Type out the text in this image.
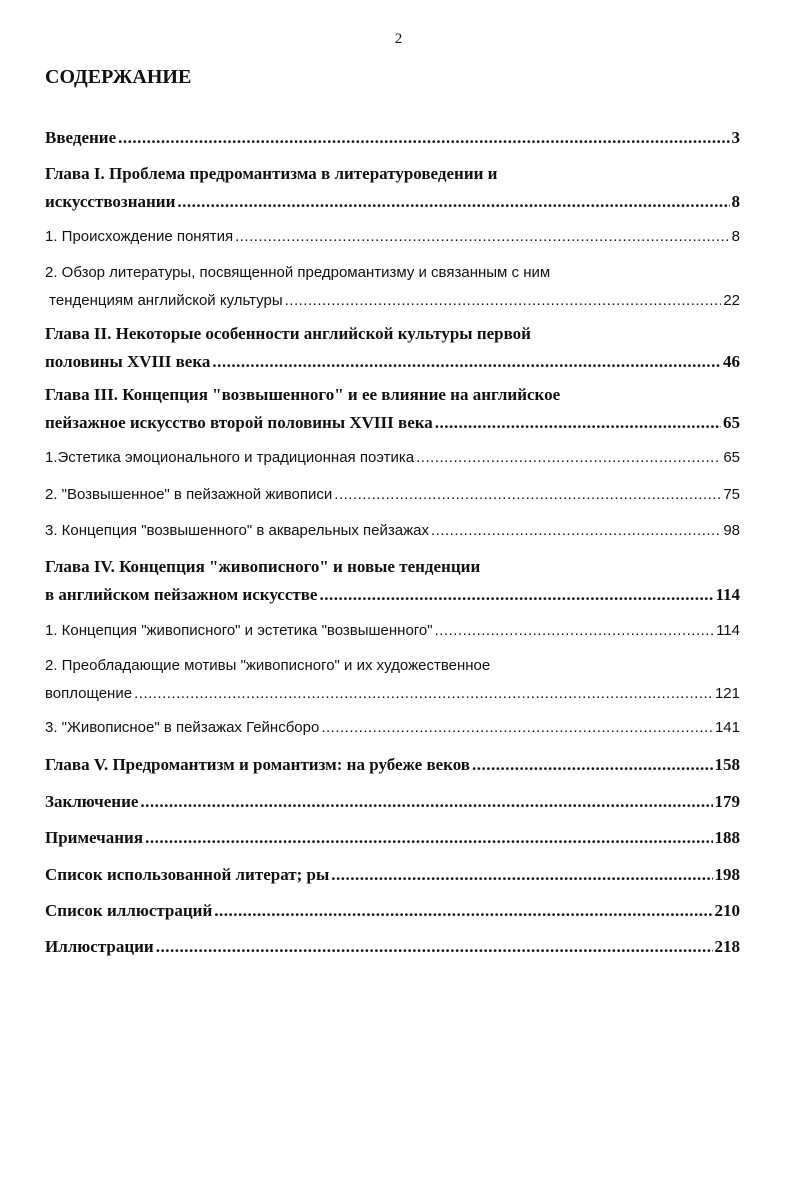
2
СОДЕРЖАНИЕ
Введение .....	3
Глава I. Проблема предромантизма в литературоведении и
искусствознании .....	8
1. Происхождение понятия .....	8
2. Обзор литературы, посвященной предромантизму и связанным с ним
тенденциям английской культуры .....	22
Глава II. Некоторые особенности английской культуры первой
половины XVIII века .....	46
Глава III. Концепция "возвышенного" и ее влияние на английское
пейзажное искусство второй половины XVIII века .....	65
1.Эстетика эмоционального и традиционная поэтика .....	65
2. "Возвышенное" в пейзажной живописи .....	75
3. Концепция "возвышенного" в акварельных пейзажах .....	98
Глава IV. Концепция "живописного" и новые тенденции
в английском пейзажном искусстве .....	114
1. Концепция "живописного" и эстетика "возвышенного" .....	114
2. Преобладающие мотивы "живописного" и их художественное
воплощение .....	121
3. "Живописное" в пейзажах Гейнсборо .....	141
Глава V. Предромантизм и романтизм: на рубеже веков .....	158
Заключение .....	179
Примечания .....	188
Список использованной литерат; ры .....	198
Список иллюстраций .....	210
Иллюстрации .....	218
